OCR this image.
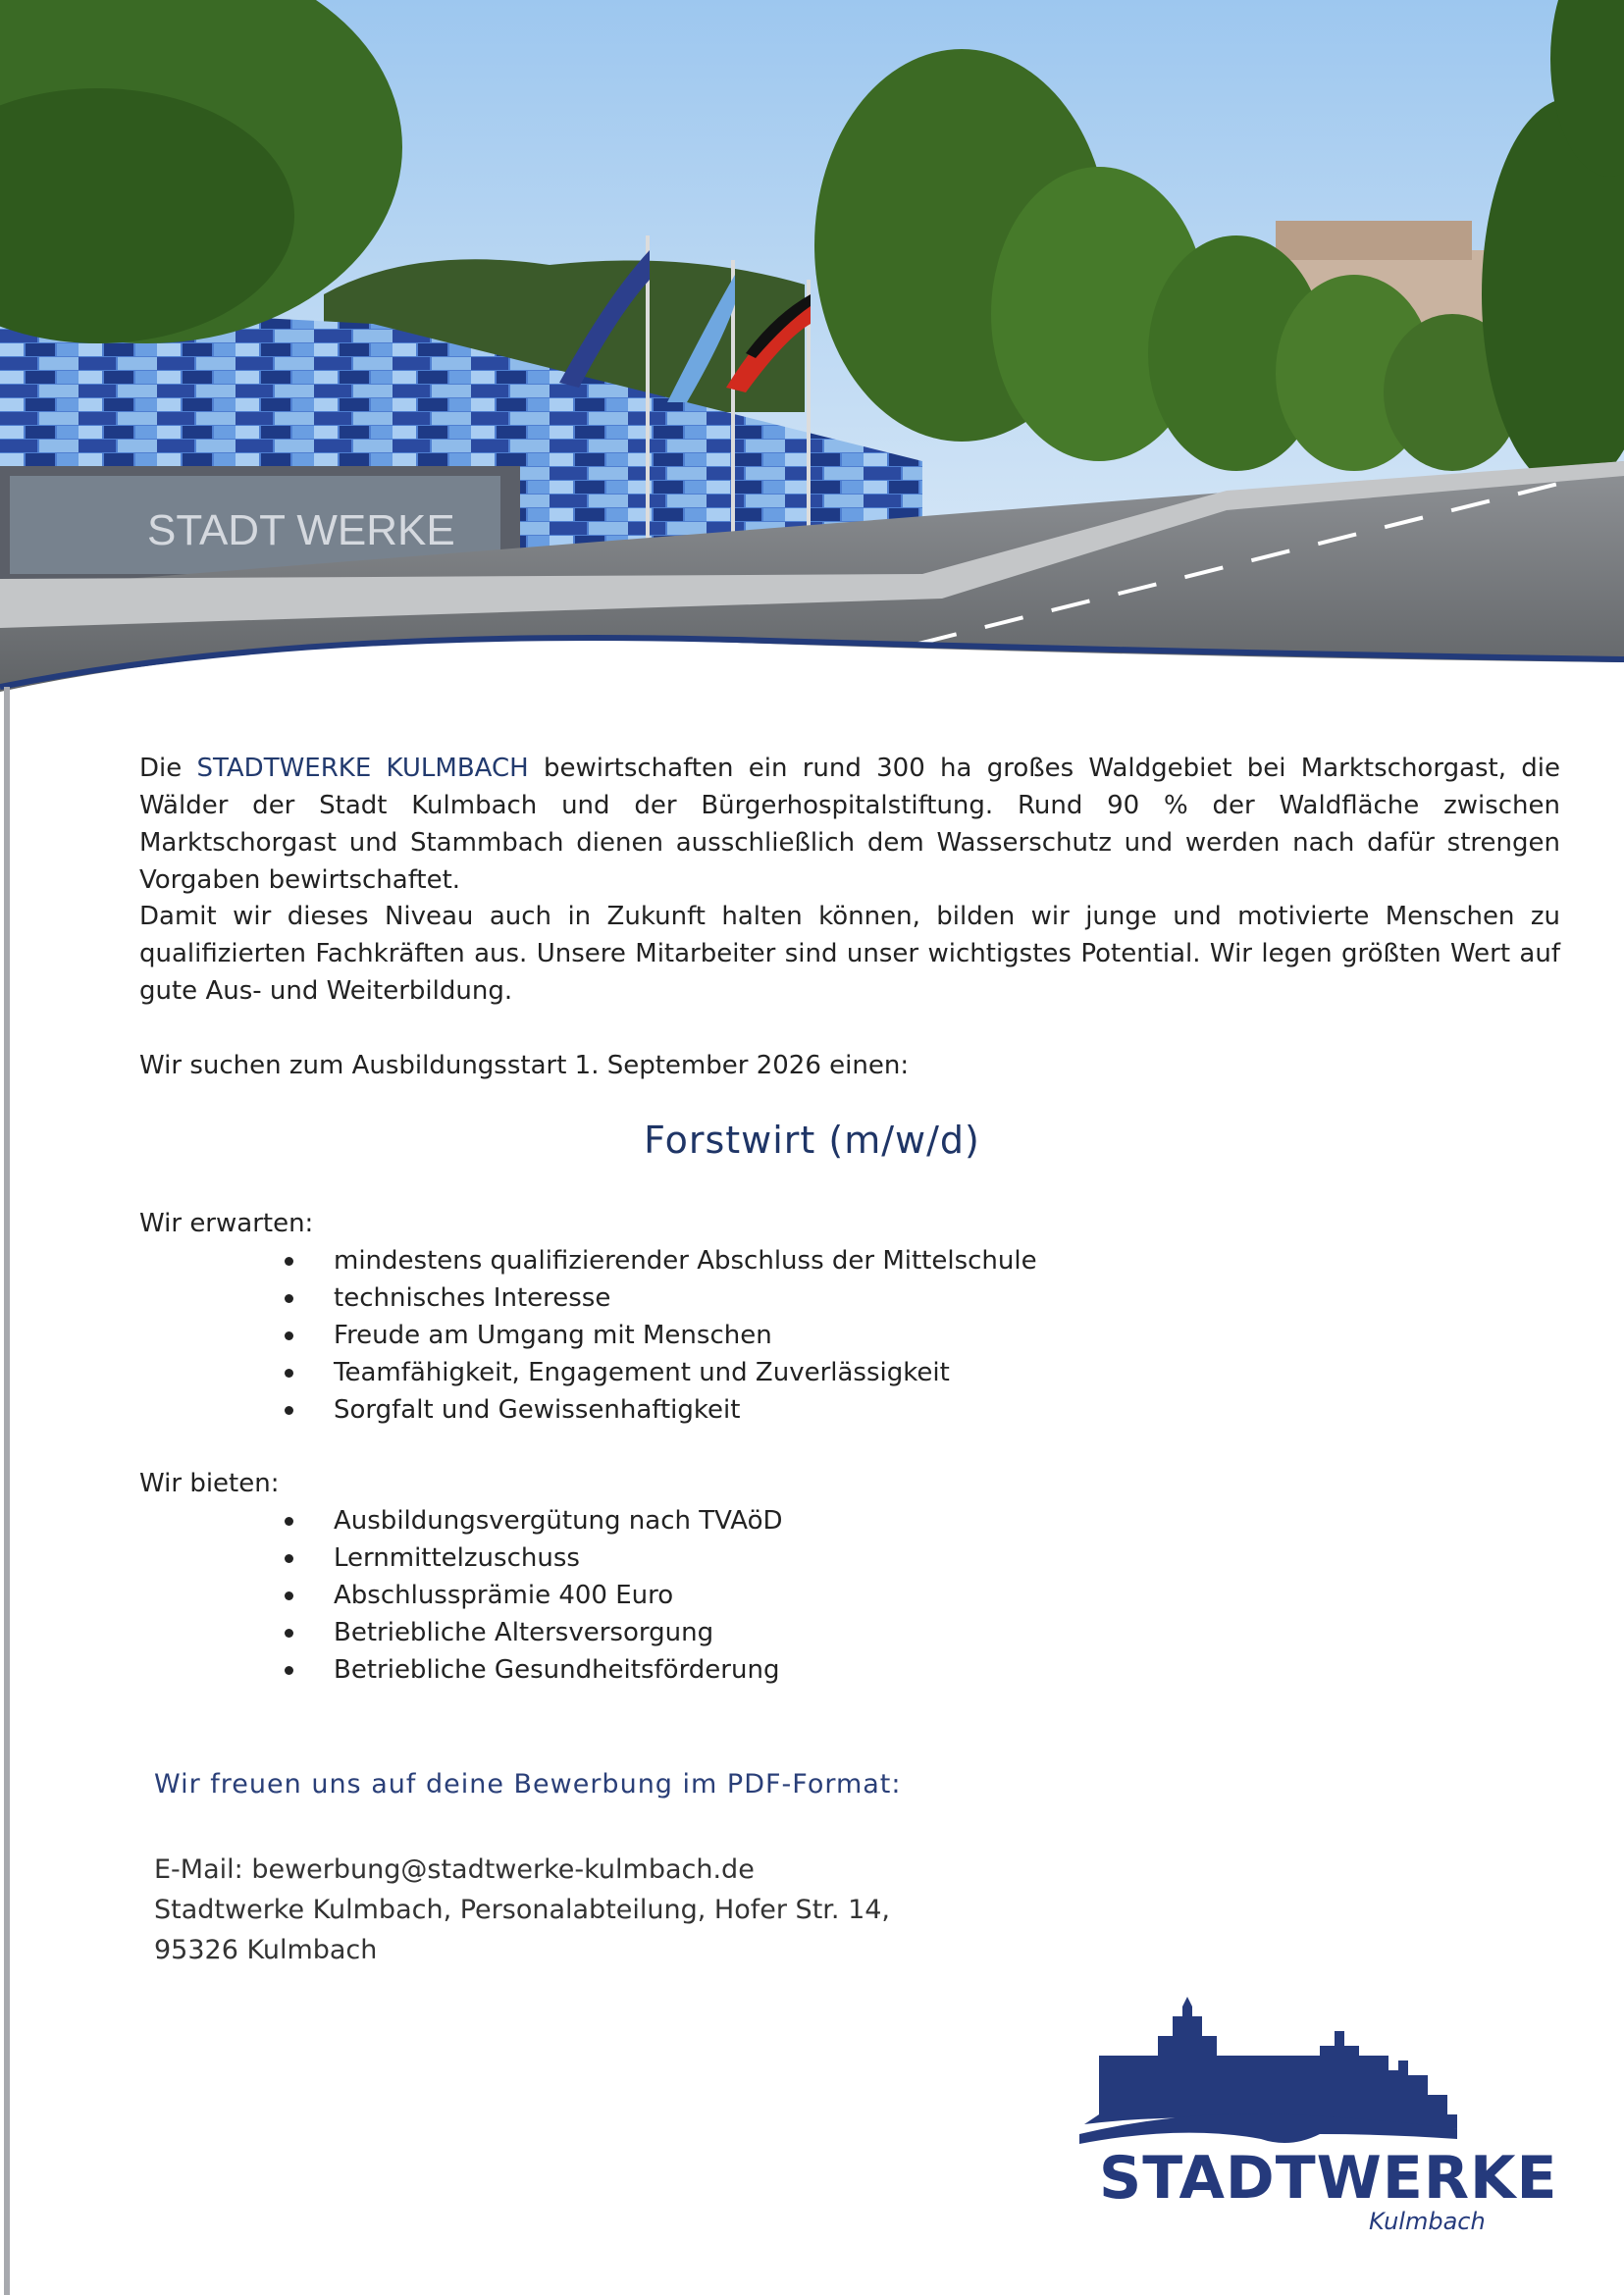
STADT WERKE

Die STADTWERKE KULMBACH bewirtschaften ein rund 300 ha großes Waldgebiet bei Marktschorgast, die Wälder der Stadt Kulmbach und der Bürgerhospitalstiftung. Rund 90 % der Waldfläche zwischen Marktschorgast und Stammbach dienen ausschließlich dem Wasserschutz und werden nach dafür strengen Vorgaben bewirtschaftet.

Damit wir dieses Niveau auch in Zukunft halten können, bilden wir junge und motivierte Menschen zu qualifizierten Fachkräften aus. Unsere Mitarbeiter sind unser wichtigstes Potential. Wir legen größten Wert auf gute Aus- und Weiterbildung.

Wir suchen zum Ausbildungsstart 1. September 2026 einen:
Forstwirt (m/w/d)
Wir erwarten:
mindestens qualifizierender Abschluss der Mittelschule
technisches Interesse
Freude am Umgang mit Menschen
Teamfähigkeit, Engagement und Zuverlässigkeit
Sorgfalt und Gewissenhaftigkeit
Wir bieten:
Ausbildungsvergütung nach TVAöD
Lernmittelzuschuss
Abschlussprämie 400 Euro
Betriebliche Altersversorgung
Betriebliche Gesundheitsförderung
Wir freuen uns auf deine Bewerbung im PDF-Format:
E-Mail: bewerbung@stadtwerke-kulmbach.de
Stadtwerke Kulmbach, Personalabteilung, Hofer Str. 14,
95326 Kulmbach
STADTWERKE
Kulmbach
